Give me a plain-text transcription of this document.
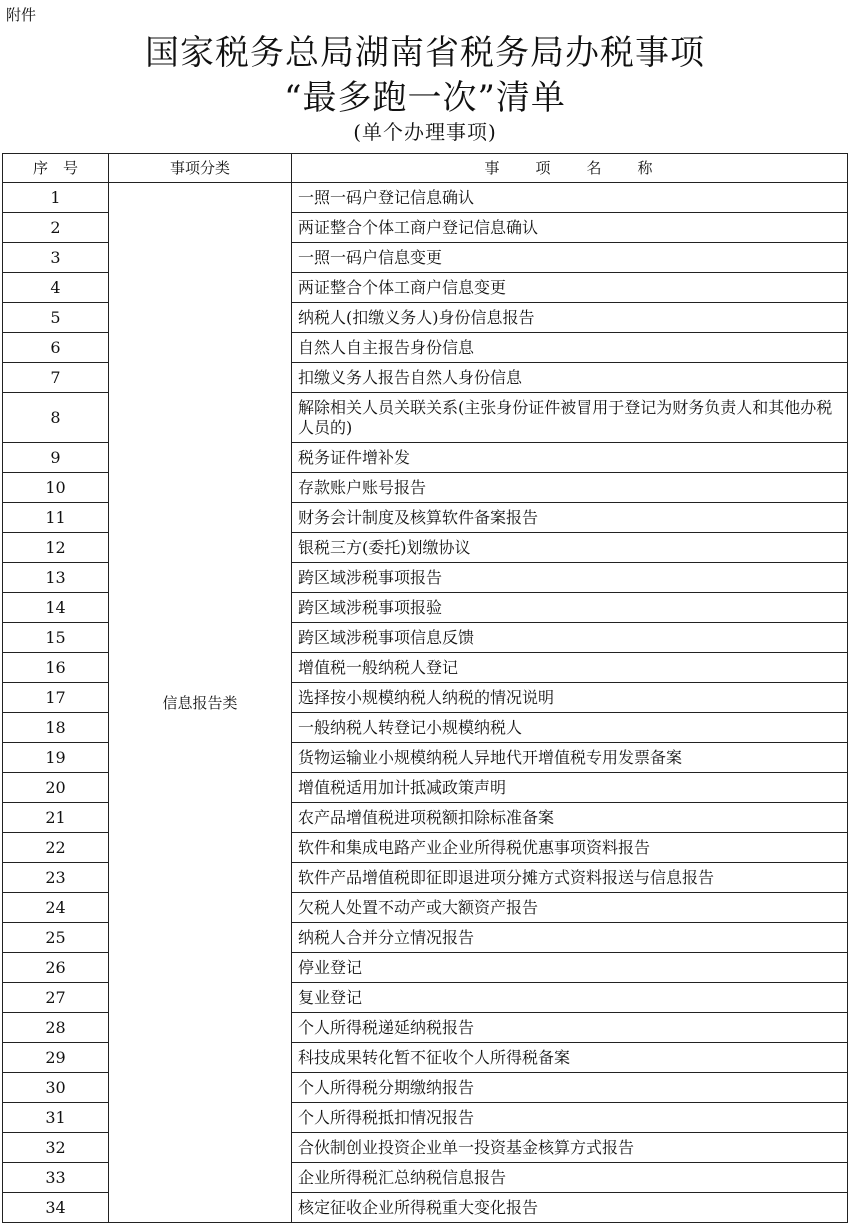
附件
国家税务总局湖南省税务局办税事项
“最多跑一次”清单
(单个办理事项)
序　号	事项分类	事　　项　　名　　称
1	信息报告类	一照一码户登记信息确认
2		两证整合个体工商户登记信息确认
3		一照一码户信息变更
4		两证整合个体工商户信息变更
5		纳税人(扣缴义务人)身份信息报告
6		自然人自主报告身份信息
7		扣缴义务人报告自然人身份信息
8		解除相关人员关联关系(主张身份证件被冒用于登记为财务负责人和其他办税人员的)
9		税务证件增补发
10		存款账户账号报告
11		财务会计制度及核算软件备案报告
12		银税三方(委托)划缴协议
13		跨区域涉税事项报告
14		跨区域涉税事项报验
15		跨区域涉税事项信息反馈
16		增值税一般纳税人登记
17		选择按小规模纳税人纳税的情况说明
18		一般纳税人转登记小规模纳税人
19		货物运输业小规模纳税人异地代开增值税专用发票备案
20		增值税适用加计抵减政策声明
21		农产品增值税进项税额扣除标准备案
22		软件和集成电路产业企业所得税优惠事项资料报告
23		软件产品增值税即征即退进项分摊方式资料报送与信息报告
24		欠税人处置不动产或大额资产报告
25		纳税人合并分立情况报告
26		停业登记
27		复业登记
28		个人所得税递延纳税报告
29		科技成果转化暂不征收个人所得税备案
30		个人所得税分期缴纳报告
31		个人所得税抵扣情况报告
32		合伙制创业投资企业单一投资基金核算方式报告
33		企业所得税汇总纳税信息报告
34		核定征收企业所得税重大变化报告
